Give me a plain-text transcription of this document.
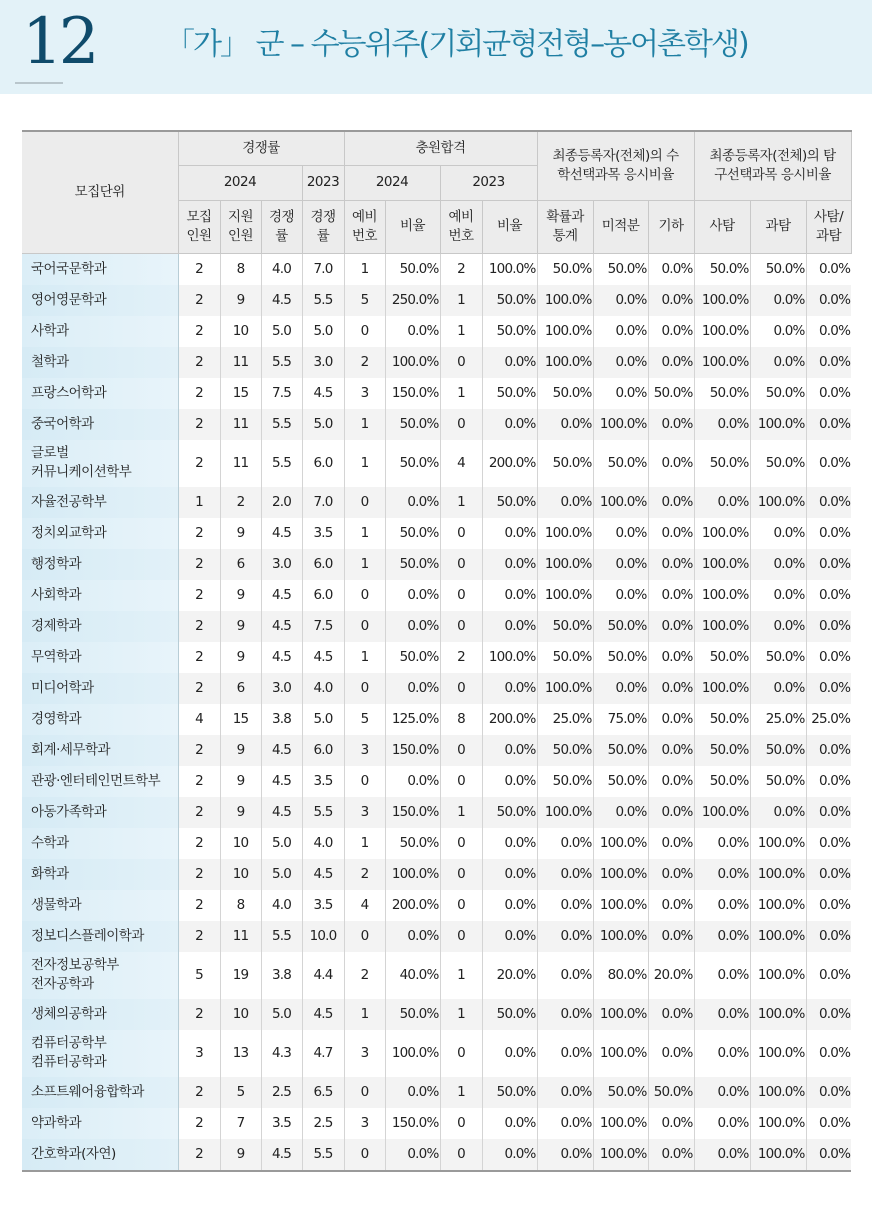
12 「가」 군 – 수능위주(기회균형전형–농어촌학생)
모집단위	경쟁률				충원합격				최종등록자(전체)의 수학선택과목 응시비율			최종등록자(전체)의 탐구선택과목 응시비율		
	2024			2023	2024		2023							
	모집 인원	지원 인원	경쟁 률	경쟁 률	예비 번호	비율	예비 번호	비율	확률과 통계	미적분	기하	사탐	과탐	사탐/ 과탐
국어국문학과	2	8	4.0	7.0	1	50.0%	2	100.0%	50.0%	50.0%	0.0%	50.0%	50.0%	0.0%
영어영문학과	2	9	4.5	5.5	5	250.0%	1	50.0%	100.0%	0.0%	0.0%	100.0%	0.0%	0.0%
사학과	2	10	5.0	5.0	0	0.0%	1	50.0%	100.0%	0.0%	0.0%	100.0%	0.0%	0.0%
철학과	2	11	5.5	3.0	2	100.0%	0	0.0%	100.0%	0.0%	0.0%	100.0%	0.0%	0.0%
프랑스어학과	2	15	7.5	4.5	3	150.0%	1	50.0%	50.0%	0.0%	50.0%	50.0%	50.0%	0.0%
중국어학과	2	11	5.5	5.0	1	50.0%	0	0.0%	0.0%	100.0%	0.0%	0.0%	100.0%	0.0%
글로벌
커뮤니케이션학부	2	11	5.5	6.0	1	50.0%	4	200.0%	50.0%	50.0%	0.0%	50.0%	50.0%	0.0%
자율전공학부	1	2	2.0	7.0	0	0.0%	1	50.0%	0.0%	100.0%	0.0%	0.0%	100.0%	0.0%
정치외교학과	2	9	4.5	3.5	1	50.0%	0	0.0%	100.0%	0.0%	0.0%	100.0%	0.0%	0.0%
행정학과	2	6	3.0	6.0	1	50.0%	0	0.0%	100.0%	0.0%	0.0%	100.0%	0.0%	0.0%
사회학과	2	9	4.5	6.0	0	0.0%	0	0.0%	100.0%	0.0%	0.0%	100.0%	0.0%	0.0%
경제학과	2	9	4.5	7.5	0	0.0%	0	0.0%	50.0%	50.0%	0.0%	100.0%	0.0%	0.0%
무역학과	2	9	4.5	4.5	1	50.0%	2	100.0%	50.0%	50.0%	0.0%	50.0%	50.0%	0.0%
미디어학과	2	6	3.0	4.0	0	0.0%	0	0.0%	100.0%	0.0%	0.0%	100.0%	0.0%	0.0%
경영학과	4	15	3.8	5.0	5	125.0%	8	200.0%	25.0%	75.0%	0.0%	50.0%	25.0%	25.0%
회계·세무학과	2	9	4.5	6.0	3	150.0%	0	0.0%	50.0%	50.0%	0.0%	50.0%	50.0%	0.0%
관광·엔터테인먼트학부	2	9	4.5	3.5	0	0.0%	0	0.0%	50.0%	50.0%	0.0%	50.0%	50.0%	0.0%
아동가족학과	2	9	4.5	5.5	3	150.0%	1	50.0%	100.0%	0.0%	0.0%	100.0%	0.0%	0.0%
수학과	2	10	5.0	4.0	1	50.0%	0	0.0%	0.0%	100.0%	0.0%	0.0%	100.0%	0.0%
화학과	2	10	5.0	4.5	2	100.0%	0	0.0%	0.0%	100.0%	0.0%	0.0%	100.0%	0.0%
생물학과	2	8	4.0	3.5	4	200.0%	0	0.0%	0.0%	100.0%	0.0%	0.0%	100.0%	0.0%
정보디스플레이학과	2	11	5.5	10.0	0	0.0%	0	0.0%	0.0%	100.0%	0.0%	0.0%	100.0%	0.0%
전자정보공학부
전자공학과	5	19	3.8	4.4	2	40.0%	1	20.0%	0.0%	80.0%	20.0%	0.0%	100.0%	0.0%
생체의공학과	2	10	5.0	4.5	1	50.0%	1	50.0%	0.0%	100.0%	0.0%	0.0%	100.0%	0.0%
컴퓨터공학부
컴퓨터공학과	3	13	4.3	4.7	3	100.0%	0	0.0%	0.0%	100.0%	0.0%	0.0%	100.0%	0.0%
소프트웨어융합학과	2	5	2.5	6.5	0	0.0%	1	50.0%	0.0%	50.0%	50.0%	0.0%	100.0%	0.0%
약과학과	2	7	3.5	2.5	3	150.0%	0	0.0%	0.0%	100.0%	0.0%	0.0%	100.0%	0.0%
간호학과(자연)	2	9	4.5	5.5	0	0.0%	0	0.0%	0.0%	100.0%	0.0%	0.0%	100.0%	0.0%
